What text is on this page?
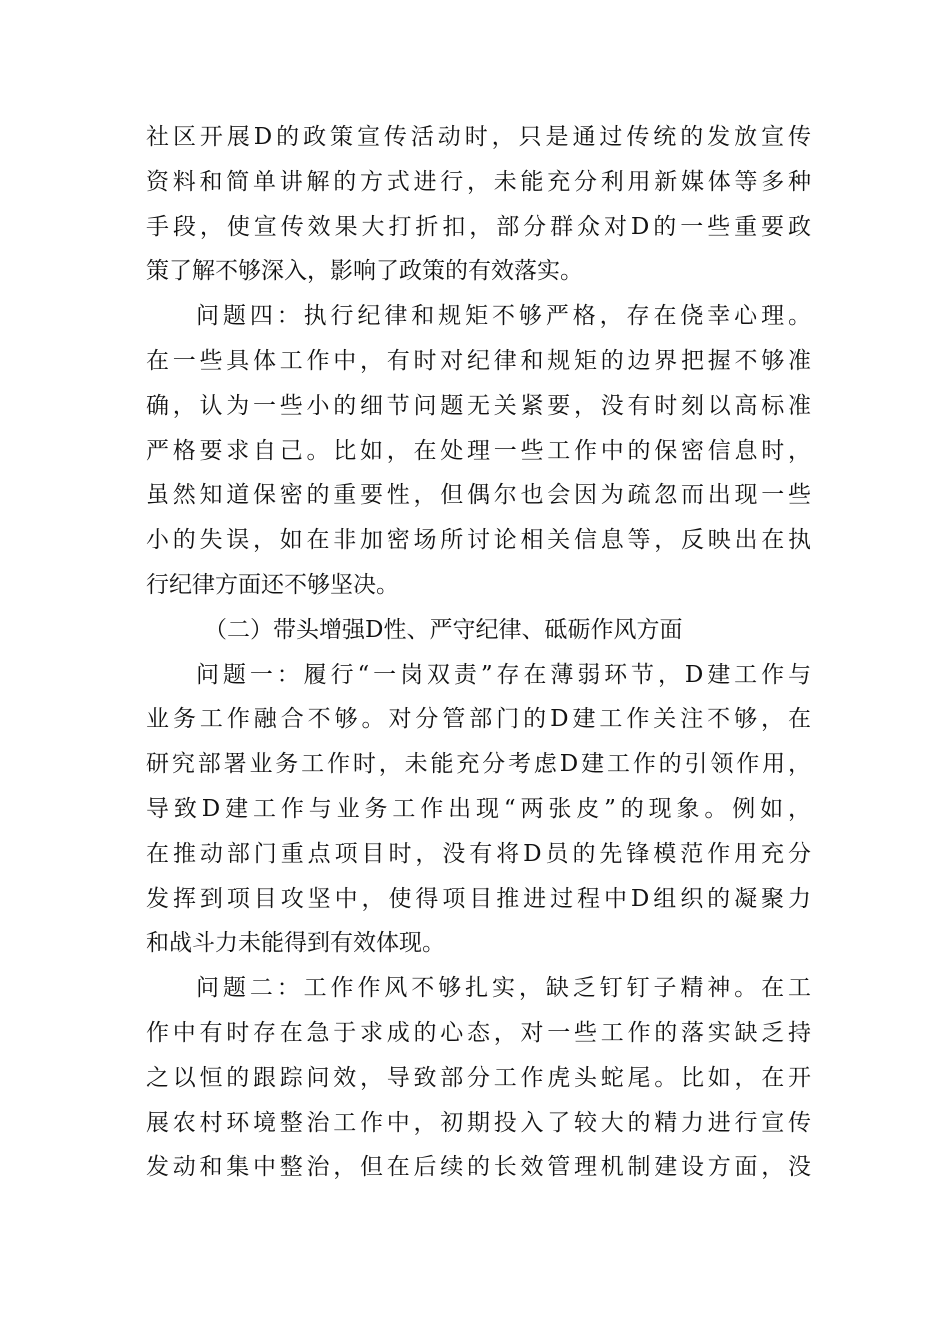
社区开展D的政策宣传活动时，只是通过传统的发放宣传
资料和简单讲解的方式进行，未能充分利用新媒体等多种
手段，使宣传效果大打折扣，部分群众对D的一些重要政
策了解不够深入，影响了政策的有效落实。
问题四：执行纪律和规矩不够严格，存在侥幸心理。
在一些具体工作中，有时对纪律和规矩的边界把握不够准
确，认为一些小的细节问题无关紧要，没有时刻以高标准
严格要求自己。比如，在处理一些工作中的保密信息时，
虽然知道保密的重要性，但偶尔也会因为疏忽而出现一些
小的失误，如在非加密场所讨论相关信息等，反映出在执
行纪律方面还不够坚决。
（二）带头增强D性、严守纪律、砥砺作风方面
问题一：履行“一岗双责”存在薄弱环节，D建工作与
业务工作融合不够。对分管部门的D建工作关注不够，在
研究部署业务工作时，未能充分考虑D建工作的引领作用，
导致D建工作与业务工作出现“两张皮”的现象。例如，
在推动部门重点项目时，没有将D员的先锋模范作用充分
发挥到项目攻坚中，使得项目推进过程中D组织的凝聚力
和战斗力未能得到有效体现。
问题二：工作作风不够扎实，缺乏钉钉子精神。在工
作中有时存在急于求成的心态，对一些工作的落实缺乏持
之以恒的跟踪问效，导致部分工作虎头蛇尾。比如，在开
展农村环境整治工作中，初期投入了较大的精力进行宣传
发动和集中整治，但在后续的长效管理机制建设方面，没
